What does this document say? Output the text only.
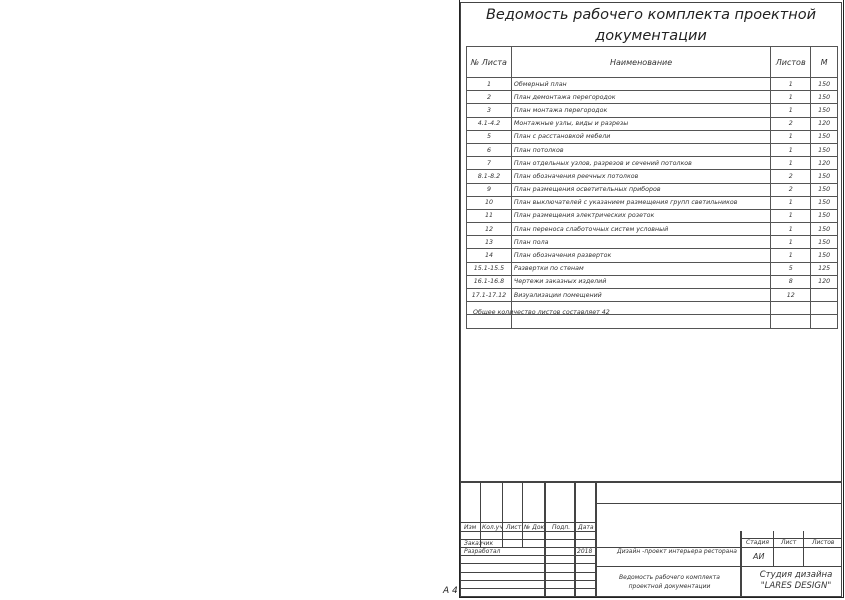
Ведомость рабочего комплекта проектной
документации
№ Листа	Наименование	Листов	М
1	Обмерный план	1	150
2	План демонтажа перегородок	1	150
3	План монтажа перегородок	1	150
4.1-4.2	Монтажные узлы, виды и разрезы	2	120
5	План с расстановкой мебели	1	150
6	План потолков	1	150
7	План отдельных узлов, разрезов и сечений потолков	1	120
8.1-8.2	План обозначения реечных потолков	2	150
9	План размещения осветительных приборов	2	150
10	План выключателей с указанием размещения групп светильников	1	150
11	План размещения электрических розеток	1	150
12	План переноса слаботочных систем условный	1	150
13	План пола	1	150
14	План обозначения разверток	1	150
15.1-15.5	Развертки по стенам	5	125
16.1-16.8	Чертежи заказных изделий	8	120
17.1-17.12	Визуализации помещений	12	

Общее количество листов составляет 42
Изм Кол.уч Лист № Док Подп. Дата
Заказчик
Разработал	2018	Дизайн -проект интерьера ресторана
Стадия Лист	Листов
АИ
Ведомость рабочего комплекта проектной документации
Студия дизайна
"LARES DESIGN"
А 4
